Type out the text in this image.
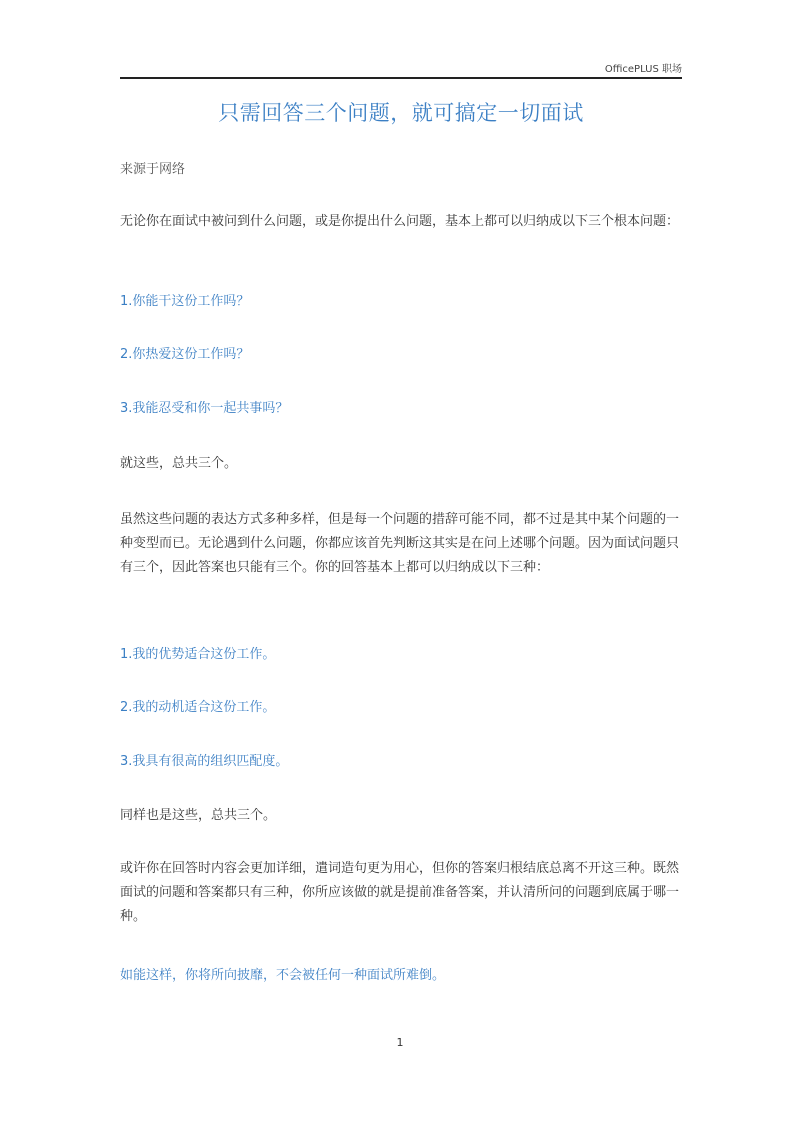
OfficePLUS 职场
只需回答三个问题，就可搞定一切面试

来源于网络

无论你在面试中被问到什么问题，或是你提出什么问题，基本上都可以归纳成以下三个根本问题：

1.你能干这份工作吗？

2.你热爱这份工作吗？

3.我能忍受和你一起共事吗？

就这些，总共三个。

虽然这些问题的表达方式多种多样，但是每一个问题的措辞可能不同，都不过是其中某个问题的一种变型而已。无论遇到什么问题，你都应该首先判断这其实是在问上述哪个问题。因为面试问题只有三个，因此答案也只能有三个。你的回答基本上都可以归纳成以下三种：

1.我的优势适合这份工作。

2.我的动机适合这份工作。

3.我具有很高的组织匹配度。

同样也是这些，总共三个。

或许你在回答时内容会更加详细，遣词造句更为用心，但你的答案归根结底总离不开这三种。既然面试的问题和答案都只有三种，你所应该做的就是提前准备答案，并认清所问的问题到底属于哪一种。

如能这样，你将所向披靡，不会被任何一种面试所难倒。

1
